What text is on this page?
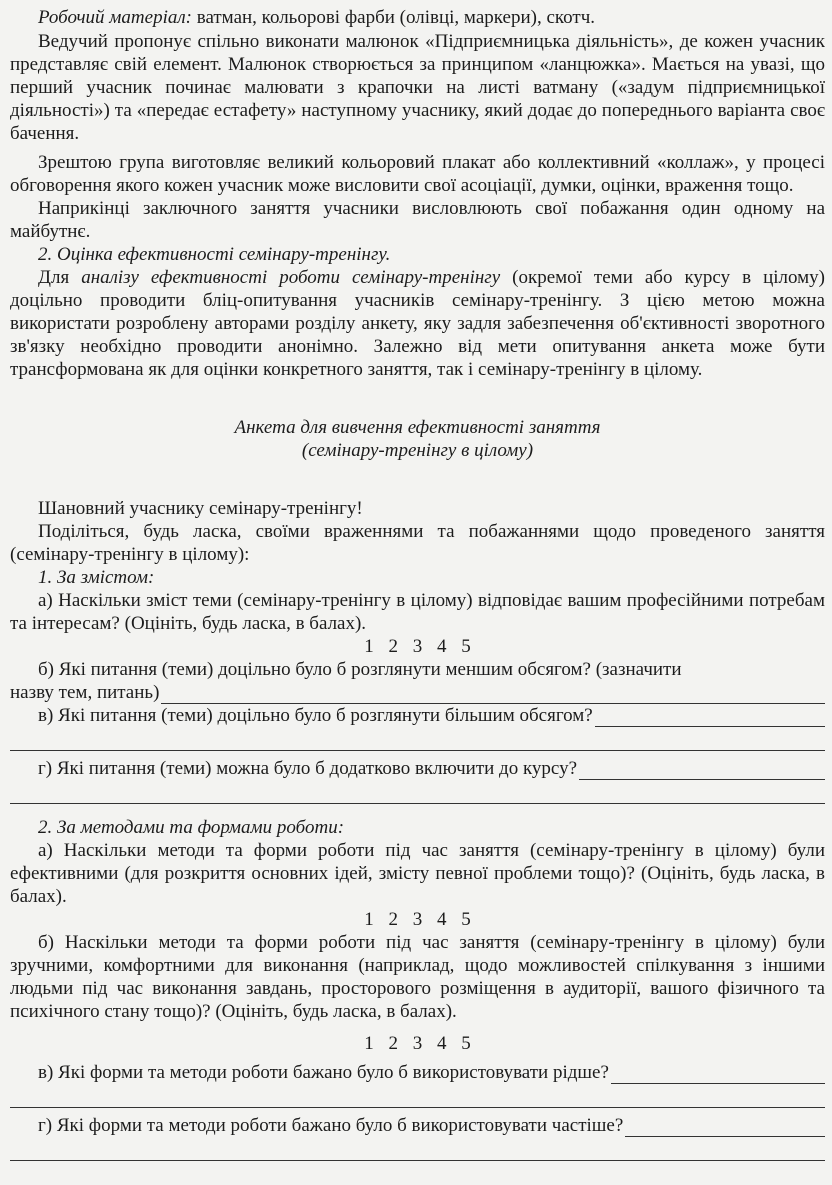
Робочий матеріал: ватман, кольорові фарби (олівці, маркери), скотч.

Ведучий пропонує спільно виконати малюнок «Підприємницька діяльність», де кожен учасник представляє свій елемент. Малюнок створюється за принципом «ланцюжка». Мається на увазі, що перший учасник починає малювати з крапочки на листі ватману («задум підприємницької діяльності») та «передає естафету» наступному учаснику, який додає до попереднього варіанта своє бачення.

Зрештою група виготовляє великий кольоровий плакат або коллективний «коллаж», у процесі обговорення якого кожен учасник може висловити свої асоціації, думки, оцінки, враження тощо.

Наприкінці заключного заняття учасники висловлюють свої побажання один одному на майбутнє.

2. Оцінка ефективності семінару-тренінгу.

Для аналізу ефективності роботи семінару-тренінгу (окремої теми або курсу в цілому) доцільно проводити бліц-опитування учасників семінару-тренінгу. З цією метою можна використати розроблену авторами розділу анкету, яку задля забезпечення об'єктивності зворотного зв'язку необхідно проводити анонімно. Залежно від мети опитування анкета може бути трансформована як для оцінки конкретного заняття, так і семінару-тренінгу в цілому.

Анкета для вивчення ефективності заняття

(семінару-тренінгу в цілому)

Шановний учаснику семінару-тренінгу!

Поділіться, будь ласка, своїми враженнями та побажаннями щодо проведеного заняття (семінару-тренінгу в цілому):

1. За змістом:

а) Наскільки зміст теми (семінару-тренінгу в цілому) відповідає вашим професійними потребам та інтересам? (Оцініть, будь ласка, в балах).

1 2 3 4 5

б) Які питання (теми) доцільно було б розглянути меншим обсягом? (зазначити

назву тем, питань)
в) Які питання (теми) доцільно було б розглянути більшим обсягом?
г) Які питання (теми) можна було б додатково включити до курсу?

2. За методами та формами роботи:

а) Наскільки методи та форми роботи під час заняття (семінару-тренінгу в цілому) були ефективними (для розкриття основних ідей, змісту певної проблеми тощо)? (Оцініть, будь ласка, в балах).

1 2 3 4 5

б) Наскільки методи та форми роботи під час заняття (семінару-тренінгу в цілому) були зручними, комфортними для виконання (наприклад, щодо можливостей спілкування з іншими людьми під час виконання завдань, просторового розміщення в аудиторії, вашого фізичного та психічного стану тощо)? (Оцініть, будь ласка, в балах).

1 2 3 4 5

в) Які форми та методи роботи бажано було б використовувати рідше?
г) Які форми та методи роботи бажано було б використовувати частіше?
